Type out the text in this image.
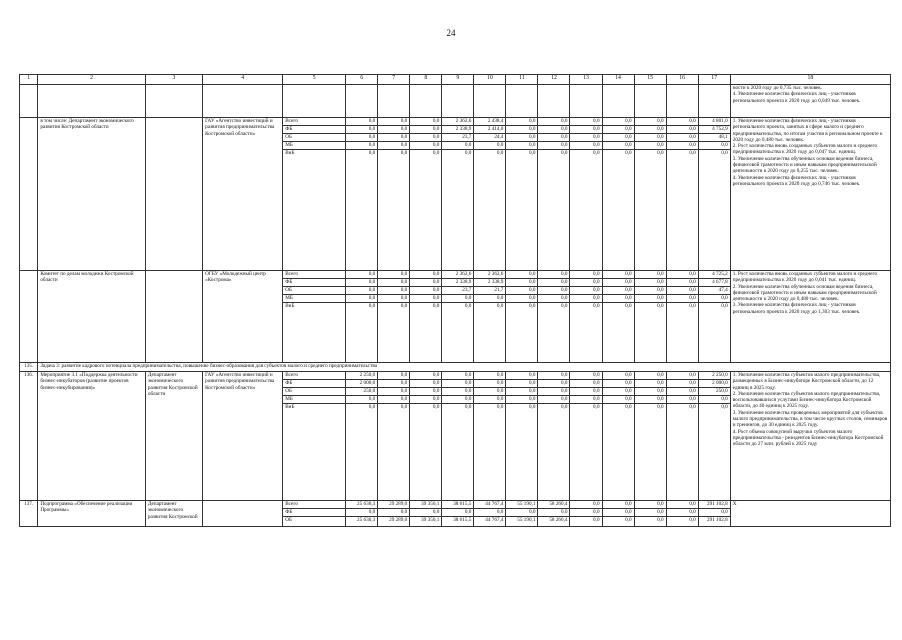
24
1	2	3	4	5	6	7	8	9	10	11	12	13	14	15	16	17	18

																	ности к 2020 году до 0,735 тыс. человек.
4. Увеличение количества физических лиц - участников регионального проекта к 2020 году до 0,049 тыс. человек.

	в том числе: Департамент экономического развития Костромской области		ГАУ «Агентство инвестиций и развития предпринимательства Костромской области»	Всего	0,0	0,0	0,0	2 362,6	2 438,4	0,0	0,0	0,0	0,0	0,0	0,0	4 801,0	1. Увеличение количества физических лиц - участников регионального проекта, занятых в сфере малого и среднего предпринимательства, по итогам участия в региональном проекте к 2020 году до 0,480 тыс. человек.
2. Рост количества вновь созданных субъектов малого и среднего предпринимательства к 2020 году до 0,047 тыс. единиц.
3. Увеличение количества обученных основам ведения бизнеса, финансовой грамотности и иным навыкам предпринимательской деятельности к 2020 году до 0,255 тыс. человек.
4. Увеличение количества физических лиц - участников регионального проекта к 2020 году до 0,746 тыс. человек.

				ФБ	0,0	0,0	0,0	2 338,9	2 414,0	0,0	0,0	0,0	0,0	0,0	0,0	4 752,9	
				ОБ	0,0	0,0	0,0	23,7	24,4	0,0	0,0	0,0	0,0	0,0	0,0	48,1	
				МБ	0,0	0,0	0,0	0,0	0,0	0,0	0,0	0,0	0,0	0,0	0,0	0,0	
				ВнБ	0,0	0,0	0,0	0,0	0,0	0,0	0,0	0,0	0,0	0,0	0,0	0,0	

	Комитет по делам молодежи Костромской области		ОГБУ «Молодежный центр «Кострома»	Всего	0,0	0,0	0,0	2 362,6	2 362,6	0,0	0,0	0,0	0,0	0,0	0,0	4 725,2	1. Рост количества вновь созданных субъектов малого и среднего предпринимательства к 2020 году до 0,041 тыс. единиц.
2. Увеличение количества обученных основам ведения бизнеса, финансовой грамотности и иным навыкам предпринимательской деятельности к 2020 году до 0,480 тыс. человек.
3. Увеличение количества физических лиц - участников регионального проекта к 2020 году до 1,303 тыс. человек.

				ФБ	0,0	0,0	0,0	2 338,9	2 338,9	0,0	0,0	0,0	0,0	0,0	0,0	4 677,8	
				ОБ	0,0	0,0	0,0	23,7	21,7	0,0	0,0	0,0	0,0	0,0	0,0	47,4	
				МБ	0,0	0,0	0,0	0,0	0,0	0,0	0,0	0,0	0,0	0,0	0,0	0,0	
				ВнБ	0,0	0,0	0,0	0,0	0,0	0,0	0,0	0,0	0,0	0,0	0,0	0,0	
135.	Задача 3: развитие кадрового потенциала предпринимательства, повышение бизнес-образования для субъектов малого и среднего предпринимательства																
136.	Мероприятие 3.1 «Поддержка деятельности бизнес-инкубаторов (развитие проектов бизнес-инкубирования)»	Департамент экономического развития Костромской области	ГАУ «Агентство инвестиций и развития предпринимательства Костромской области»	Всего	2 250,0	0,0	0,0	0,0	0,0	0,0	0,0	0,0	0,0	0,0	0,0	2 250,0	1. Увеличение количества субъектов малого предпринимательства, размещенных в Бизнес-инкубаторе Костромской области, до 12 единиц в 2025 году.
2. Увеличение количества субъектов малого предпринимательства, воспользовавшихся услугами Бизнес-инкубатора Костромской области, до 40 единиц к 2025 году.
3. Увеличение количества проведенных мероприятий для субъектов малого предпринимательства, в том числе круглых столов, семинаров и тренингов, до 30 единиц к 2025 году.
4. Рост объема совокупной выручки субъектов малого предпринимательства - резидентов Бизнес-инкубатора Костромской области до 27 млн. рублей к 2025 году

				ФБ	2 000,0	0,0	0,0	0,0	0,0	0,0	0,0	0,0	0,0	0,0	0,0	2 000,0	
				ОБ	250,0	0,0	0,0	0,0	0,0	0,0	0,0	0,0	0,0	0,0	0,0	250,0	
				МБ	0,0	0,0	0,0	0,0	0,0	0,0	0,0	0,0	0,0	0,0	0,0	0,0	
				ВнБ	0,0	0,0	0,0	0,0	0,0	0,0	0,0	0,0	0,0	0,0	0,0	0,0	
137.	Подпрограмма «Обеспечение реализации Программы»	Департамент экономического развития Костромской		Всего	25 630,3	29 289,0	39 350,1	38 615,5	44 767,4	55 190,1	58 260,4	0,0	0,0	0,0	0,0	291 102,8	Х

				ФБ	0,0	0,0	0,0	0,0	0,0	0,0	0,0	0,0	0,0	0,0	0,0	0,0	
				ОБ	25 630,3	29 289,0	39 350,1	38 615,5	44 767,4	55 190,1	58 260,4	0,0	0,0	0,0	0,0	291 102,8	
